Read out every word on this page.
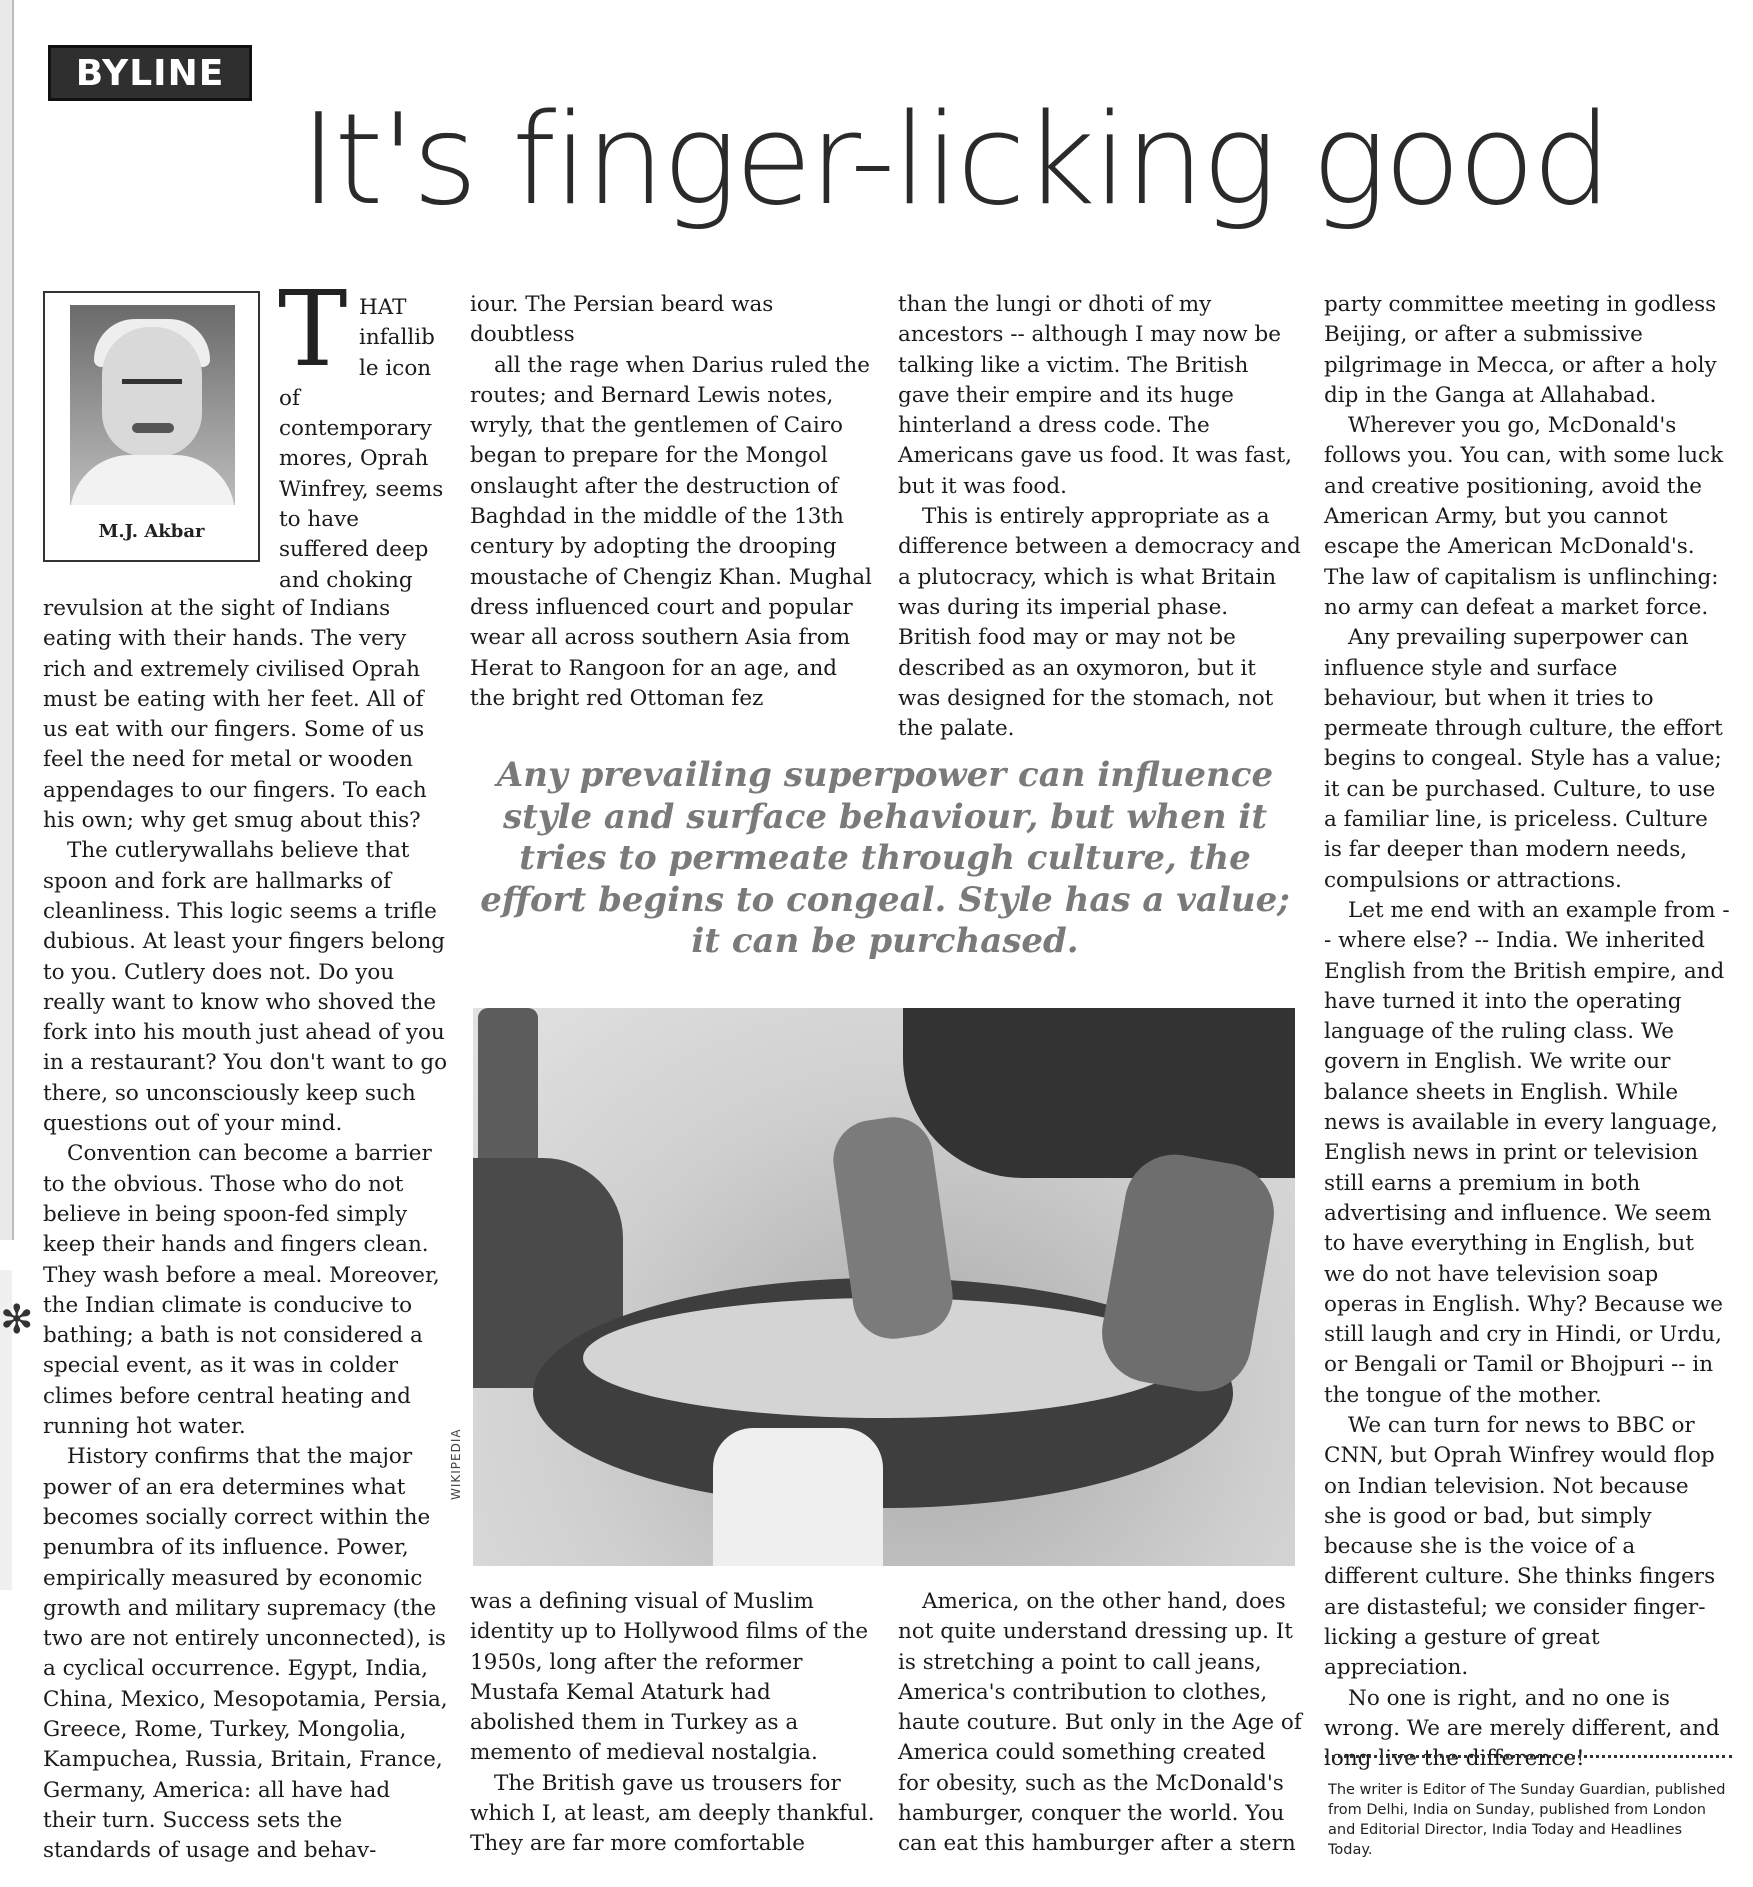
✻
BYLINE
It's finger-licking good
M.J. Akbar
T HAT
infallib
le icon
of
contemporary
mores, Oprah
Winfrey, seems
to have
suffered deep
and choking

revulsion at the sight of Indians eating with their hands. The very rich and extremely civilised Oprah must be eating with her feet. All of us eat with our fingers. Some of us feel the need for metal or wooden appendages to our fingers. To each his own; why get smug about this?

The cutlerywallahs believe that spoon and fork are hallmarks of cleanliness. This logic seems a trifle dubious. At least your fingers belong to you. Cutlery does not. Do you really want to know who shoved the fork into his mouth just ahead of you in a restaurant? You don't want to go there, so unconsciously keep such questions out of your mind.

Convention can become a barrier to the obvious. Those who do not believe in being spoon-fed simply keep their hands and fingers clean. They wash before a meal. Moreover, the Indian climate is conducive to bathing; a bath is not considered a special event, as it was in colder climes before central heating and running hot water.

History confirms that the major power of an era determines what becomes socially correct within the penumbra of its influence. Power, empirically measured by economic growth and military supremacy (the two are not entirely unconnected), is a cyclical occurrence. Egypt, India, China, Mexico, Mesopotamia, Persia, Greece, Rome, Turkey, Mongolia, Kampuchea, Russia, Britain, France, Germany, America: all have had their turn. Success sets the standards of usage and behav-

iour. The Persian beard was doubtless

all the rage when Darius ruled the routes; and Bernard Lewis notes, wryly, that the gentlemen of Cairo began to prepare for the Mongol onslaught after the destruction of Baghdad in the middle of the 13th century by adopting the drooping moustache of Chengiz Khan. Mughal dress influenced court and popular wear all across southern Asia from Herat to Rangoon for an age, and the bright red Ottoman fez

than the lungi or dhoti of my ancestors -- although I may now be talking like a victim. The British gave their empire and its huge hinterland a dress code. The Americans gave us food. It was fast, but it was food.

This is entirely appropriate as a difference between a democracy and a plutocracy, which is what Britain was during its imperial phase. British food may or may not be described as an oxymoron, but it was designed for the stomach, not the palate.

Any prevailing superpower can influence style and surface behaviour, but when it tries to permeate through culture, the effort begins to congeal. Style has a value; it can be purchased.

WIKIPEDIA

was a defining visual of Muslim identity up to Hollywood films of the 1950s, long after the reformer Mustafa Kemal Ataturk had abolished them in Turkey as a memento of medieval nostalgia.

The British gave us trousers for which I, at least, am deeply thankful. They are far more comfortable

America, on the other hand, does not quite understand dressing up. It is stretching a point to call jeans, America's contribution to clothes, haute couture. But only in the Age of America could something created for obesity, such as the McDonald's hamburger, conquer the world. You can eat this hamburger after a stern

party committee meeting in godless Beijing, or after a submissive pilgrimage in Mecca, or after a holy dip in the Ganga at Allahabad.

Wherever you go, McDonald's follows you. You can, with some luck and creative positioning, avoid the American Army, but you cannot escape the American McDonald's. The law of capitalism is unflinching: no army can defeat a market force.

Any prevailing superpower can influence style and surface behaviour, but when it tries to permeate through culture, the effort begins to congeal. Style has a value; it can be purchased. Culture, to use a familiar line, is priceless. Culture is far deeper than modern needs, compulsions or attractions.

Let me end with an example from -- where else? -- India. We inherited English from the British empire, and have turned it into the operating language of the ruling class. We govern in English. We write our balance sheets in English. While news is available in every language, English news in print or television still earns a premium in both advertising and influence. We seem to have everything in English, but we do not have television soap operas in English. Why? Because we still laugh and cry in Hindi, or Urdu, or Bengali or Tamil or Bhojpuri -- in the tongue of the mother.

We can turn for news to BBC or CNN, but Oprah Winfrey would flop on Indian television. Not because she is good or bad, but simply because she is the voice of a different culture. She thinks fingers are distasteful; we consider finger-licking a gesture of great appreciation.

No one is right, and no one is wrong. We are merely different, and long live the difference!

The writer is Editor of The Sunday Guardian, published from Delhi, India on Sunday, published from London and Editorial Director, India Today and Headlines Today.
